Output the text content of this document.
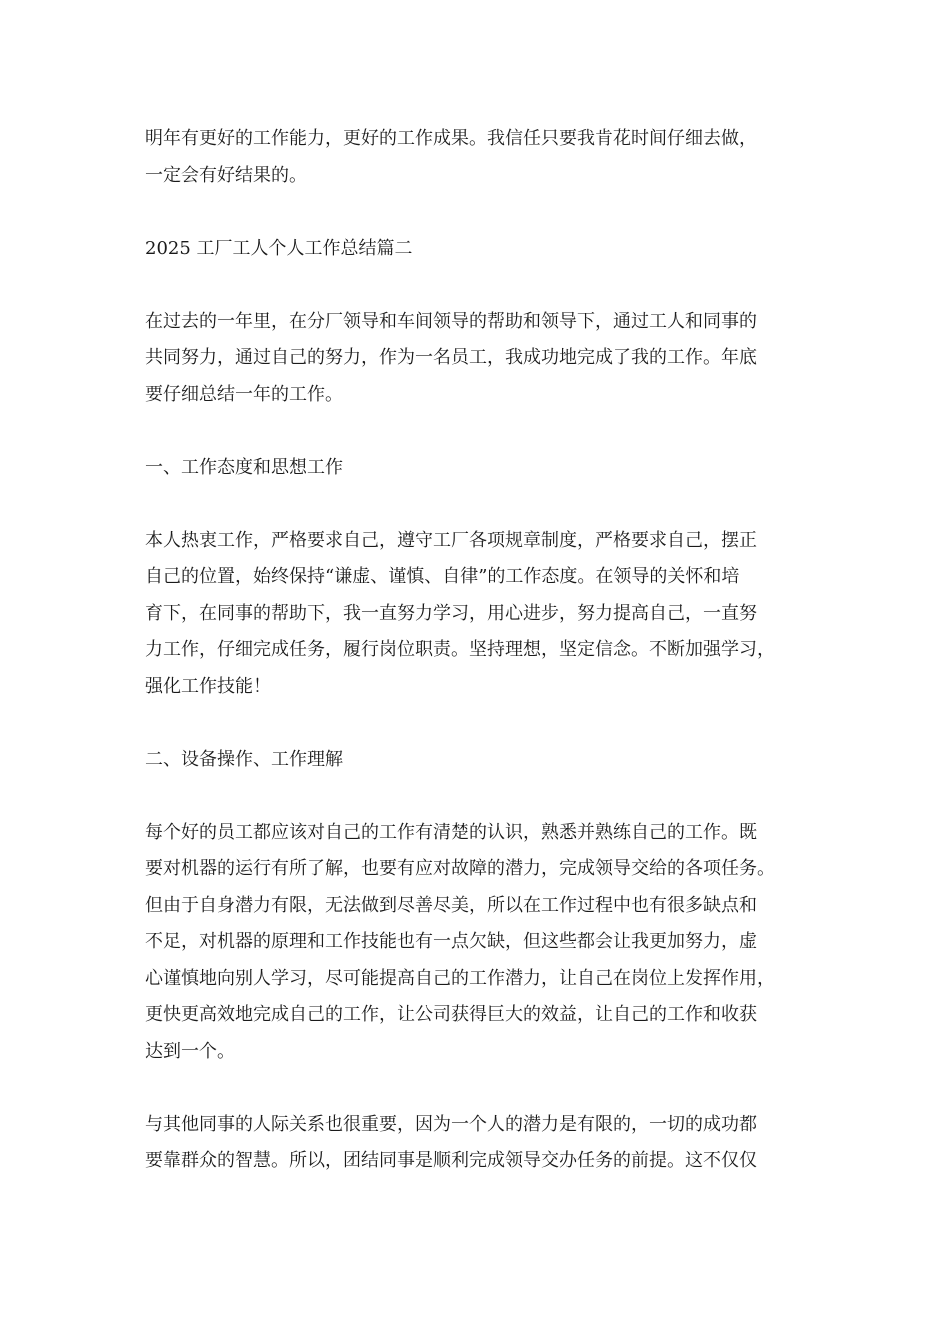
明年有更好的工作能力，更好的工作成果。我信任只要我肯花时间仔细去做，
一定会有好结果的。

2025 工厂工人个人工作总结篇二

在过去的一年里，在分厂领导和车间领导的帮助和领导下，通过工人和同事的
共同努力，通过自己的努力，作为一名员工，我成功地完成了我的工作。年底
要仔细总结一年的工作。

一、工作态度和思想工作

本人热衷工作，严格要求自己，遵守工厂各项规章制度，严格要求自己，摆正
自己的位置，始终保持“谦虚、谨慎、自律”的工作态度。在领导的关怀和培
育下，在同事的帮助下，我一直努力学习，用心进步，努力提高自己，一直努
力工作，仔细完成任务，履行岗位职责。坚持理想，坚定信念。不断加强学习，
强化工作技能！

二、设备操作、工作理解

每个好的员工都应该对自己的工作有清楚的认识，熟悉并熟练自己的工作。既
要对机器的运行有所了解，也要有应对故障的潜力，完成领导交给的各项任务。
但由于自身潜力有限，无法做到尽善尽美，所以在工作过程中也有很多缺点和
不足，对机器的原理和工作技能也有一点欠缺，但这些都会让我更加努力，虚
心谨慎地向别人学习，尽可能提高自己的工作潜力，让自己在岗位上发挥作用，
更快更高效地完成自己的工作，让公司获得巨大的效益，让自己的工作和收获
达到一个。

与其他同事的人际关系也很重要，因为一个人的潜力是有限的，一切的成功都
要靠群众的智慧。所以，团结同事是顺利完成领导交办任务的前提。这不仅仅
